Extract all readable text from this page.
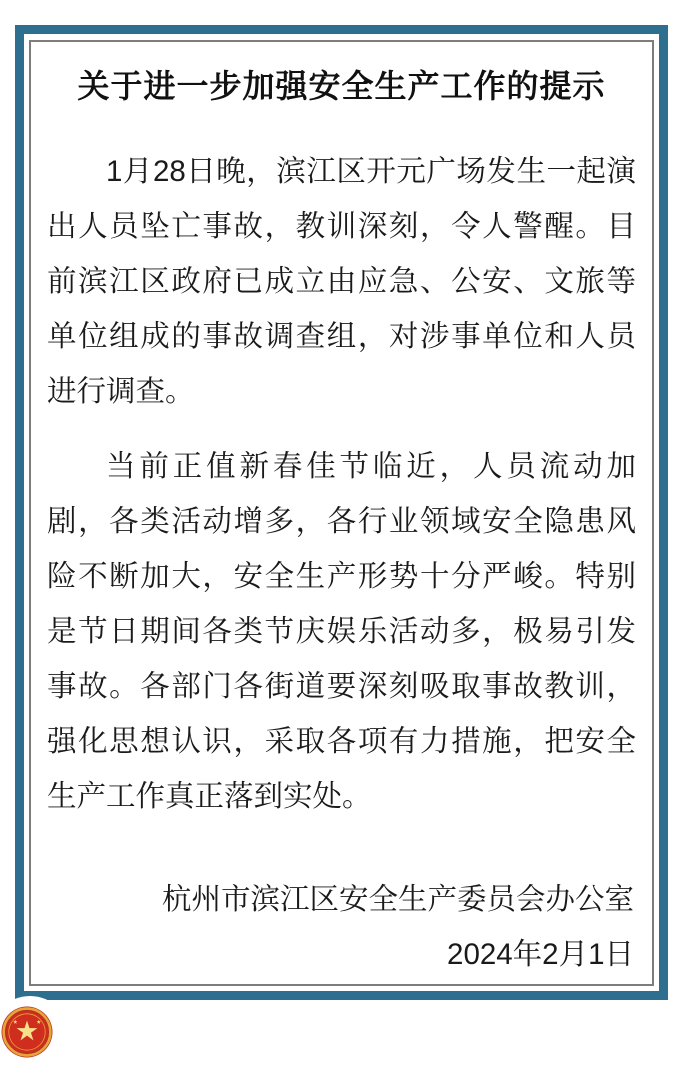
关于进一步加强安全生产工作的提示

1月28日晚，滨江区开元广场发生一起演出人员坠亡事故，教训深刻，令人警醒。目前滨江区政府已成立由应急、公安、文旅等单位组成的事故调查组，对涉事单位和人员进行调查。

当前正值新春佳节临近，人员流动加剧，各类活动增多，各行业领域安全隐患风险不断加大，安全生产形势十分严峻。特别是节日期间各类节庆娱乐活动多，极易引发事故。各部门各街道要深刻吸取事故教训，强化思想认识，采取各项有力措施，把安全生产工作真正落到实处。

杭州市滨江区安全生产委员会办公室
2024年2月1日
